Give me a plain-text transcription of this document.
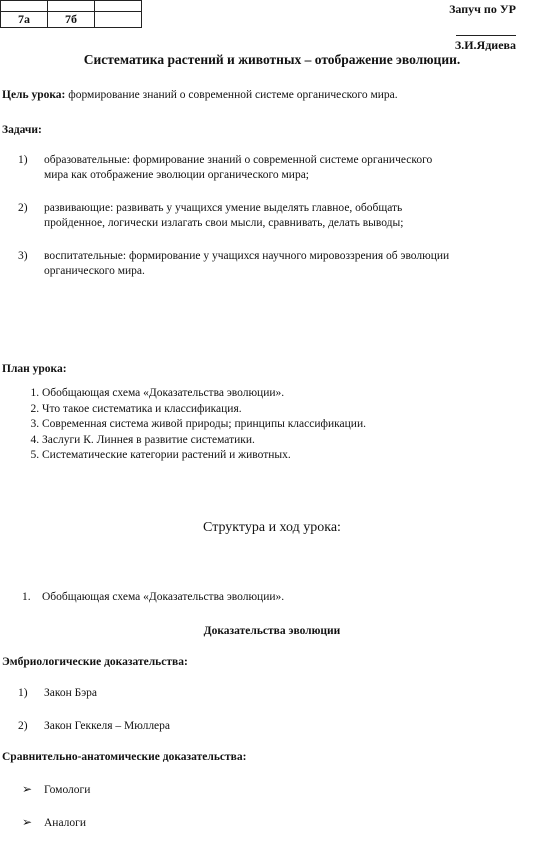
7а	7б	
Запуч по УР
З.И.Ядиева
Систематика растений и животных – отображение эволюции.
Цель урока: формирование знаний о современной системе органического мира.
Задачи:
1) образовательные: формирование знаний о современной системе органического
мира как отображение эволюции органического мира;
2) развивающие: развивать у учащихся умение выделять главное, обобщать
пройденное, логически излагать свои мысли, сравнивать, делать выводы;
3) воспитательные: формирование у учащихся научного мировоззрения об эволюции
органического мира.
План урока:
1. Обобщающая схема «Доказательства эволюции».
2. Что такое систематика и классификация.
3. Современная система живой природы; принципы классификации.
4. Заслуги К. Линнея в развитие систематики.
5. Систематические категории растений и животных.
Структура и ход урока:
1. Обобщающая схема «Доказательства эволюции».
Доказательства эволюции
Эмбриологические доказательства:
1) Закон Бэра
2) Закон Геккеля – Мюллера
Сравнительно-анатомические доказательства:
➢ Гомологи
➢ Аналоги
